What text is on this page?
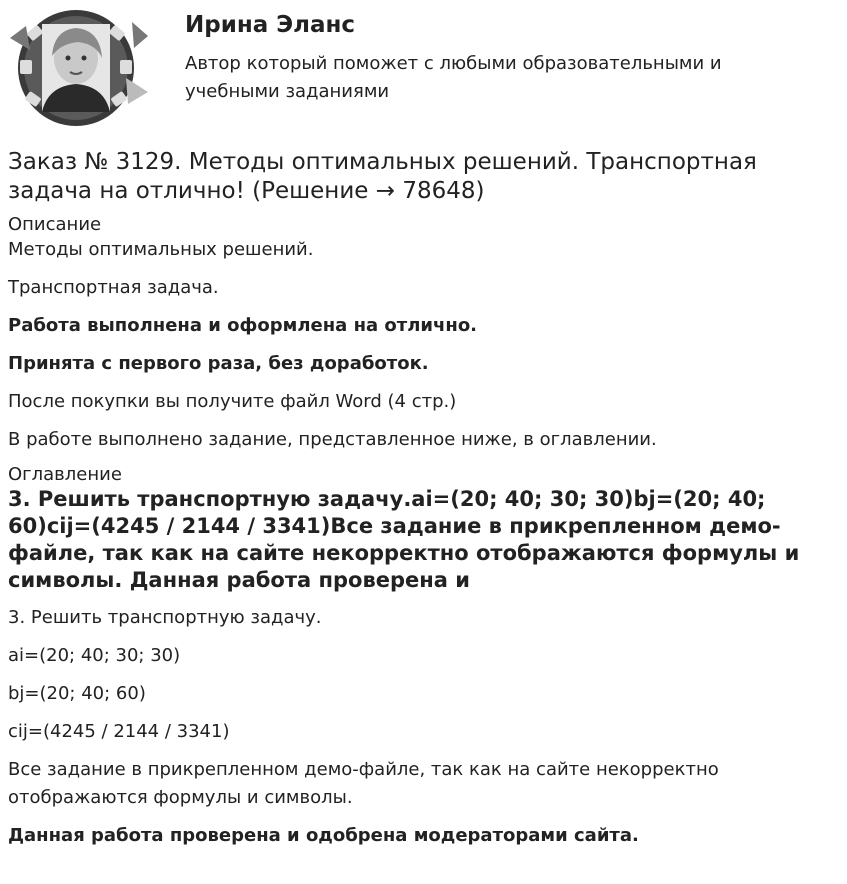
Ирина Эланс
Автор который поможет с любыми образовательными и учебными заданиями
Заказ № 3129. Методы оптимальных решений. Транспортная задача на отлично! (Решение → 78648)
Описание

Методы оптимальных решений.

Транспортная задача.

Работа выполнена и оформлена на отлично.

Принята с первого раза, без доработок.

После покупки вы получите файл Word (4 стр.)

В работе выполнено задание, представленное ниже, в оглавлении.

Оглавление
3. Решить транспортную задачу.ai=(20; 40; 30; 30)bj=(20; 40; 60)cij=(4245 / 2144 / 3341)Все задание в прикрепленном демо-файле, так как на сайте некорректно отображаются формулы и символы. Данная работа проверена и

3. Решить транспортную задачу.

ai=(20; 40; 30; 30)

bj=(20; 40; 60)

cij=(4245 / 2144 / 3341)

Все задание в прикрепленном демо-файле, так как на сайте некорректно отображаются формулы и символы.

Данная работа проверена и одобрена модераторами сайта.
